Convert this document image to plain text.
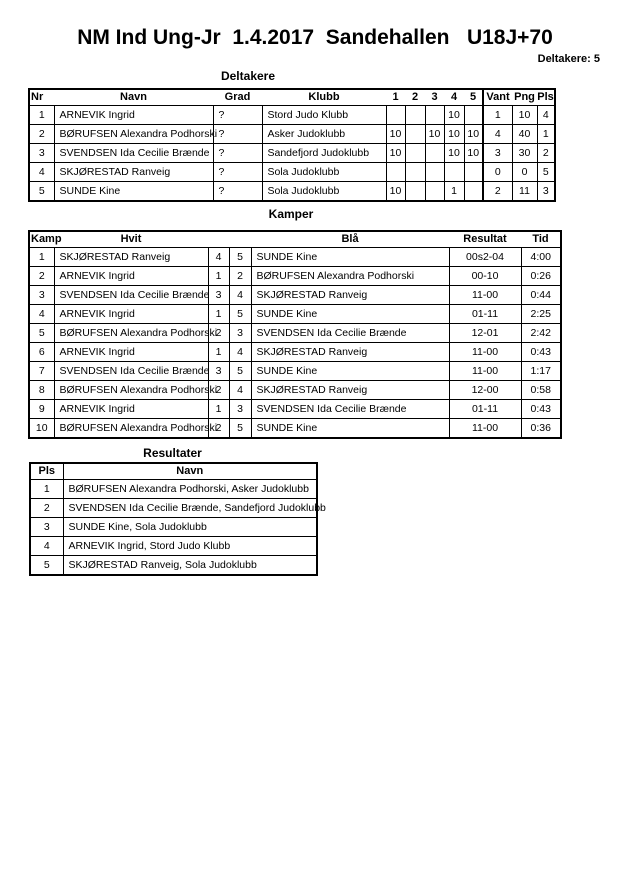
NM Ind Ung-Jr  1.4.2017  Sandehallen   U18J+70
Deltakere: 5
Deltakere
Nr	Navn	Grad	Klubb	1	2	3	4	5	Vant	Png	Pls
1	ARNEVIK Ingrid	?	Stord Judo Klubb				10		1	10	4
2	BØRUFSEN Alexandra Podhorski	?	Asker Judoklubb	10		10	10	10	4	40	1
3	SVENDSEN Ida Cecilie Brænde	?	Sandefjord Judoklubb	10			10	10	3	30	2
4	SKJØRESTAD Ranveig	?	Sola Judoklubb						0	0	5
5	SUNDE Kine	?	Sola Judoklubb	10			1		2	11	3
Kamper
Kamp	Hvit			Blå	Resultat	Tid
1	SKJØRESTAD Ranveig	4	5	SUNDE Kine	00s2-04	4:00
2	ARNEVIK Ingrid	1	2	BØRUFSEN Alexandra Podhorski	00-10	0:26
3	SVENDSEN Ida Cecilie Brænde	3	4	SKJØRESTAD Ranveig	11-00	0:44
4	ARNEVIK Ingrid	1	5	SUNDE Kine	01-11	2:25
5	BØRUFSEN Alexandra Podhorski	2	3	SVENDSEN Ida Cecilie Brænde	12-01	2:42
6	ARNEVIK Ingrid	1	4	SKJØRESTAD Ranveig	11-00	0:43
7	SVENDSEN Ida Cecilie Brænde	3	5	SUNDE Kine	11-00	1:17
8	BØRUFSEN Alexandra Podhorski	2	4	SKJØRESTAD Ranveig	12-00	0:58
9	ARNEVIK Ingrid	1	3	SVENDSEN Ida Cecilie Brænde	01-11	0:43
10	BØRUFSEN Alexandra Podhorski	2	5	SUNDE Kine	11-00	0:36
Resultater
Pls	Navn
1	BØRUFSEN Alexandra Podhorski, Asker Judoklubb
2	SVENDSEN Ida Cecilie Brænde, Sandefjord Judoklubb
3	SUNDE Kine, Sola Judoklubb
4	ARNEVIK Ingrid, Stord Judo Klubb
5	SKJØRESTAD Ranveig, Sola Judoklubb
